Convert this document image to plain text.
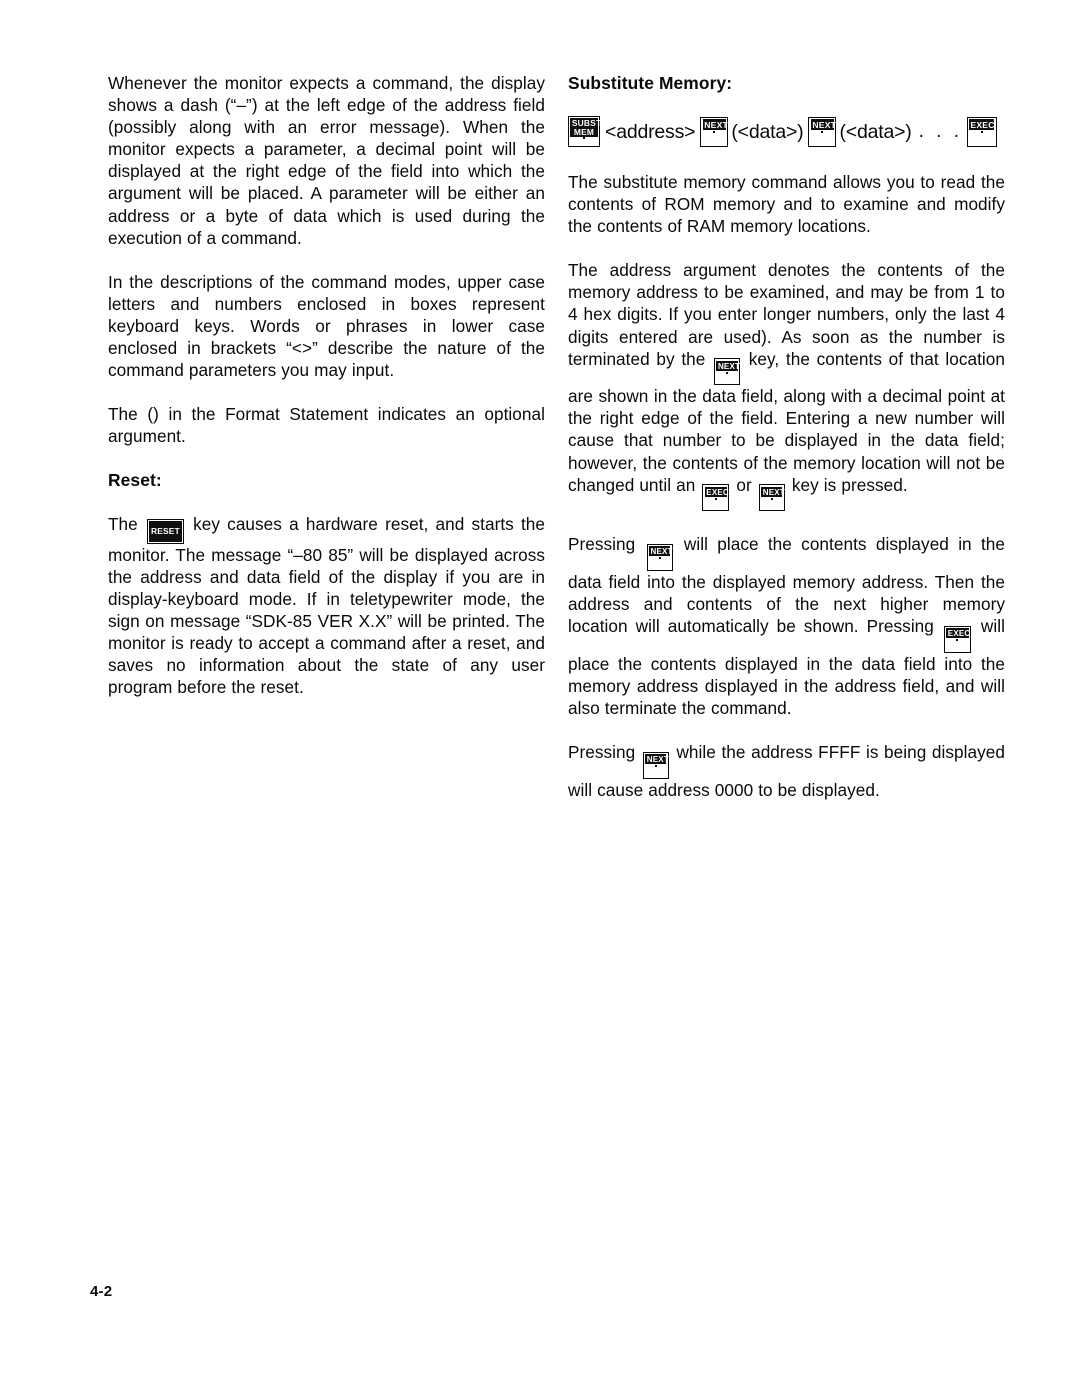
Whenever the monitor expects a command, the display shows a dash (“–”) at the left edge of the address field (possibly along with an error message). When the monitor expects a parameter, a decimal point will be displayed at the right edge of the field into which the argument will be placed. A parameter will be either an address or a byte of data which is used during the execution of a command.

In the descriptions of the command modes, upper case letters and numbers enclosed in boxes represent keyboard keys. Words or phrases in lower case enclosed in brackets “<>” describe the nature of the command parameters you may input.

The () in the Format Statement indicates an optional argument.

Reset:

The RESET key causes a hardware reset, and starts the monitor. The message “–80 85” will be displayed across the address and data field of the display if you are in display-keyboard mode. If in teletypewriter mode, the sign on message “SDK-85 VER X.X” will be printed. The monitor is ready to accept a command after a reset, and saves no information about the state of any user program before the reset.

Substitute Memory:
SUBST
MEM <address> NEXT (<data>) NEXT (<data>) . . . EXEC

The substitute memory command allows you to read the contents of ROM memory and to examine and modify the contents of RAM memory locations.

The address argument denotes the contents of the memory address to be examined, and may be from 1 to 4 hex digits. If you enter longer numbers, only the last 4 digits entered are used). As soon as the number is terminated by the NEXT key, the contents of that location are shown in the data field, along with a decimal point at the right edge of the field. Entering a new number will cause that number to be displayed in the data field; however, the contents of the memory location will not be changed until an EXEC or NEXT key is pressed.

Pressing NEXT will place the contents displayed in the data field into the displayed memory address. Then the address and contents of the next higher memory location will automatically be shown. Pressing EXEC will place the contents displayed in the data field into the memory address displayed in the address field, and will also terminate the command.

Pressing NEXT while the address FFFF is being displayed will cause address 0000 to be displayed.

4-2
